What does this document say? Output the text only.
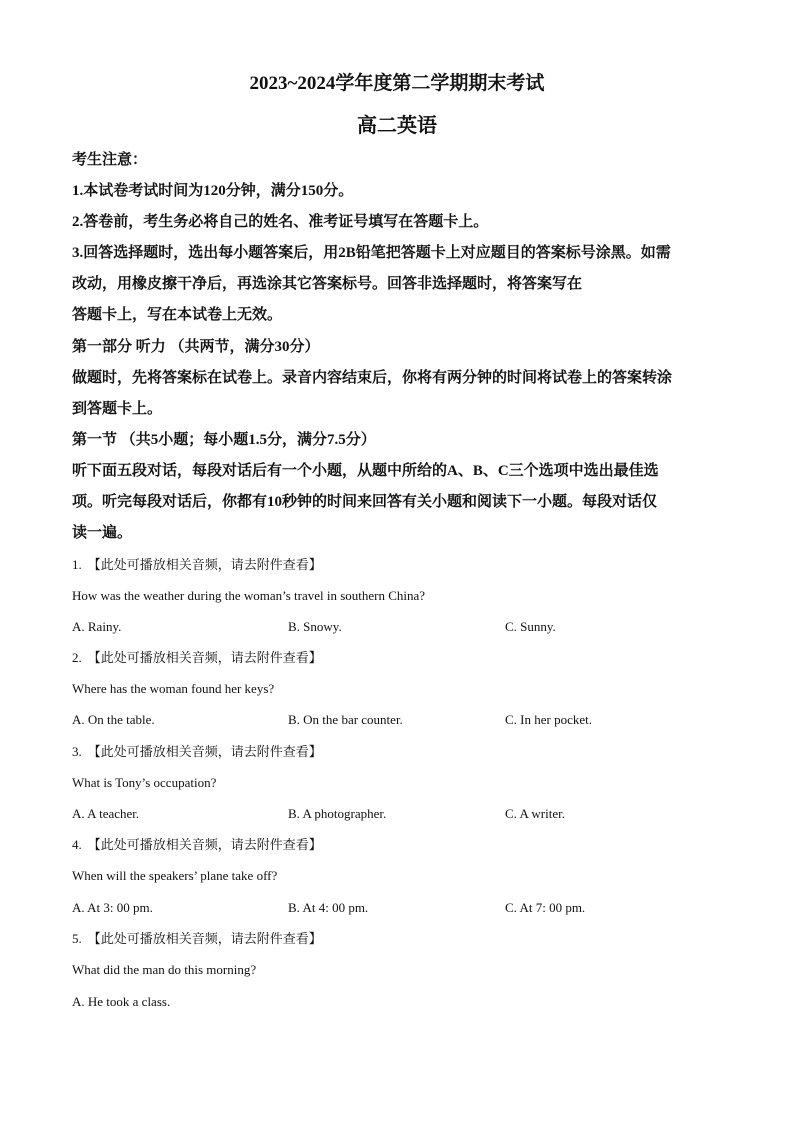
2023~2024学年度第二学期期末考试
高二英语
考生注意：
1.本试卷考试时间为120分钟，满分150分。
2.答卷前，考生务必将自己的姓名、准考证号填写在答题卡上。
3.回答选择题时，选出每小题答案后，用2B铅笔把答题卡上对应题目的答案标号涂黑。如需
改动，用橡皮擦干净后，再选涂其它答案标号。回答非选择题时，将答案写在
答题卡上，写在本试卷上无效。
第一部分 听力 （共两节，满分30分）
做题时，先将答案标在试卷上。录音内容结束后，你将有两分钟的时间将试卷上的答案转涂
到答题卡上。
第一节 （共5小题；每小题1.5分，满分7.5分）
听下面五段对话，每段对话后有一个小题，从题中所给的A、B、C三个选项中选出最佳选
项。听完每段对话后，你都有10秒钟的时间来回答有关小题和阅读下一小题。每段对话仅
读一遍。
1. 【此处可播放相关音频，请去附件查看】
How was the weather during the woman’s travel in southern China?
A. Rainy.	B. Snowy.	C. Sunny.
2. 【此处可播放相关音频，请去附件查看】
Where has the woman found her keys?
A. On the table.	B. On the bar counter.	C. In her pocket.
3. 【此处可播放相关音频，请去附件查看】
What is Tony’s occupation?
A. A teacher.	B. A photographer.	C. A writer.
4. 【此处可播放相关音频，请去附件查看】
When will the speakers’ plane take off?
A. At 3: 00 pm.	B. At 4: 00 pm.	C. At 7: 00 pm.
5. 【此处可播放相关音频，请去附件查看】
What did the man do this morning?
A. He took a class.
